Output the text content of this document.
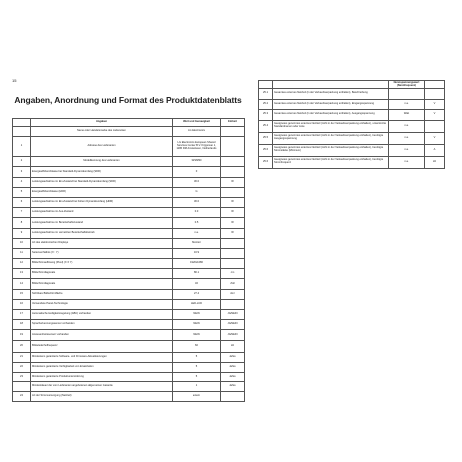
15
Angaben, Anordnung und Format des Produktdatenblatts
	Angaben	Wert und Genauigkeit	Einheit
	Name oder Handelsmarke des Lieferanten	LG Electronics	
1	Adresse des Lieferanten	LG Electronics European Shared Services Center B.V. Krijgsman 1, 1186 DM Amstelveen, Netherlands	
2	Modellkennung des Lieferanten	32SM5D	
3	Energieeffizienzklasse bei Standard-Dynamikumfang (SDR)	F	
4	Leistungsaufnahme im Ein-Zustand bei Standard-Dynamikumfang (SDR)	30.0	W
5	Energieeffizienzklasse (HDR)	G	
6	Leistungsaufnahme im Ein-Zustand bei hohem Dynamikumfang (HDR)	30.0	W
7	Leistungsaufnahme im Aus-Zustand	0.3	W
8	Leistungsaufnahme im Bereitschaftszustand	0.5	W
9	Leistungsaufnahme im vernetzten Bereitschaftsbetrieb	n.a.	W
10	Art des elektronischen Displays	Monitor	
11	Seitenverhältnis (X : Y)	16:9	
12	Bildschirmauflösung (Pixel) (X X Y)	1920x1080	
13	Bildschirmdiagonale	80.1	cm
14	Bildschirmdiagonale	32	Zoll
15	Sichtbare Bildschirmfläche	27.4	dm²
16	Verwendete Panel-Technologie	LED-LCD	
17	Automatische Helligkeitsregelung (ABC) vorhanden	NEIN	JA/NEIN
18	Spracherkennungssensor vorhanden	NEIN	JA/NEIN
19	Anwesenheitssensor vorhanden	NEIN	JA/NEIN
20	Bildwiederholfrequenz	60	Hz
21	Mindestens garantierte Software- und Firmware-Aktualisierungen	5	Jahre
22	Mindestens garantierte Verfügbarkeit von Ersatzteilen	5	Jahre
23	Mindestens garantierte Produktunterstützung	5	Jahre
	Mindestdauer der vom Lieferanten angebotenen allgemeinen Garantie	1	Jahre
24	Art der Stromversorgung (Netzteil)	extern	
		Nennspannungswert (Nennfrequenz)	
25.1	Gesamtes externes Netzteil (in der Verkaufsverpackung enthalten), Beschreibung		
25.2	Gesamtes externes Netzteil (in der Verkaufsverpackung enthalten), Eingangsspannung	n.a.	V
25.3	Gesamtes externes Netzteil (in der Verkaufsverpackung enthalten), Ausgangsspannung	Watt	V
25.4	Geeignetes genormtes externes Netzteil (nicht in der Verkaufsverpackung enthalten), unterstützte Standardnamen oder Liste	n.a.	
25.5	Geeignetes genormtes externes Netzteil (nicht in der Verkaufsverpackung enthalten), benötigte Ausgangsspannung	n.a.	V
25.6	Geeignetes genormtes externes Netzteil (nicht in der Verkaufsverpackung enthalten), benötigte Stromstärke (Minimum)	n.a.	A
25.6	Geeignetes genormtes externes Netzteil (nicht in der Verkaufsverpackung enthalten), benötigte Stromfrequenz	n.a.	Hz
